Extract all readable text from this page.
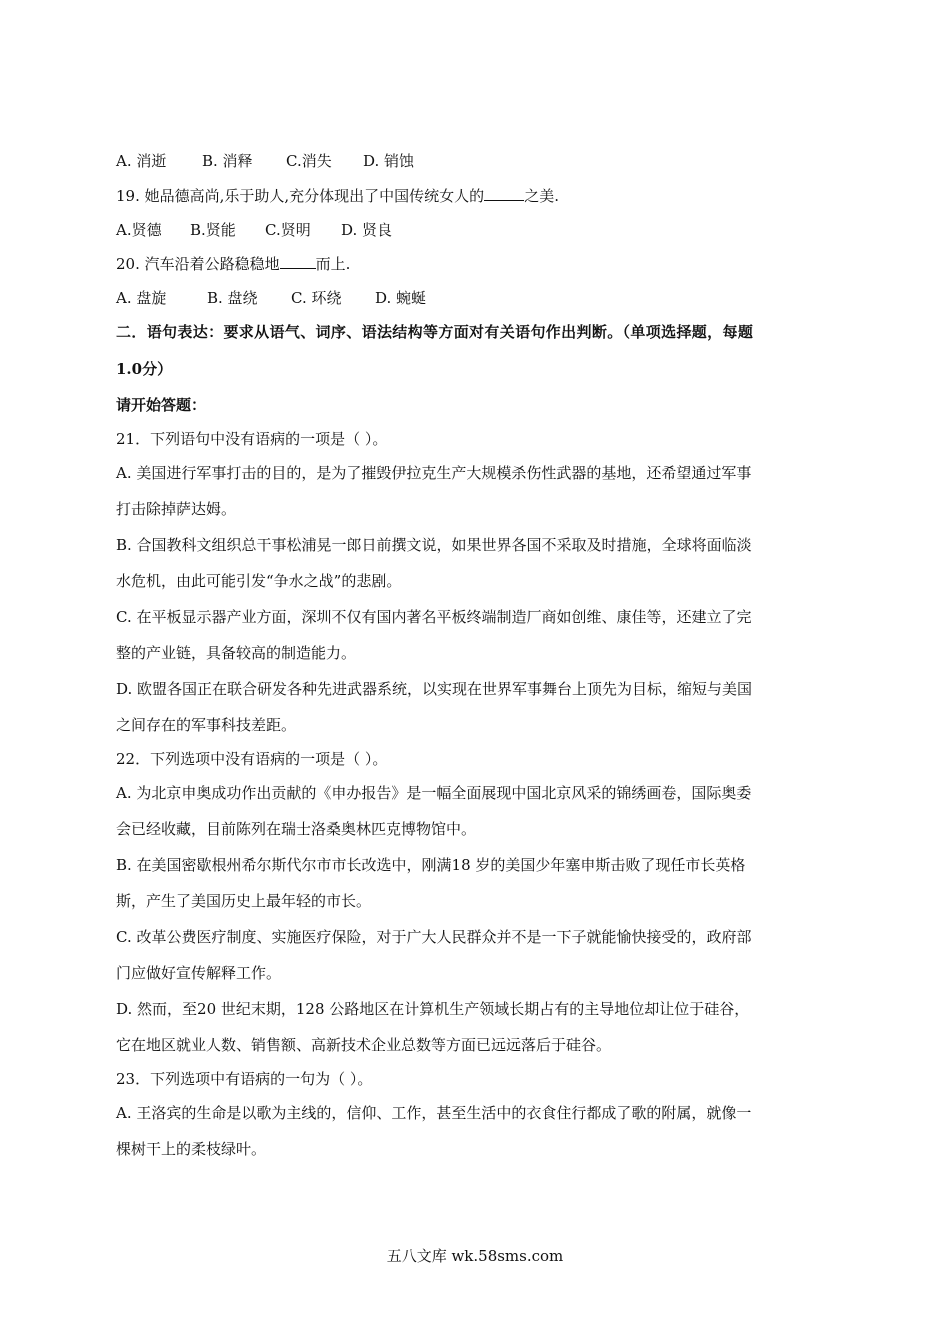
A. 消逝 B. 消释 C.消失 D. 销蚀
19. 她品德高尚,乐于助人,充分体现出了中国传统女人的	之美.
A.贤德 B.贤能 C.贤明 D. 贤良
20. 汽车沿着公路稳稳地 而上.
A. 盘旋	B. 盘绕 C. 环绕 D. 蜿蜒
二．语句表达：要求从语气、词序、语法结构等方面对有关语句作出判断。（单项选择题，每题
1.0分）
请开始答题：
21．下列语句中没有语病的一项是（ ）。
A. 美国进行军事打击的目的，是为了摧毁伊拉克生产大规模杀伤性武器的基地，还希望通过军事
打击除掉萨达姆。
B. 合国教科文组织总干事松浦晃一郎日前撰文说，如果世界各国不采取及时措施，全球将面临淡
水危机，由此可能引发“争水之战”的悲剧。
C. 在平板显示器产业方面，深圳不仅有国内著名平板终端制造厂商如创维、康佳等，还建立了完
整的产业链，具备较高的制造能力。
D. 欧盟各国正在联合研发各种先进武器系统，以实现在世界军事舞台上顶先为目标，缩短与美国
之间存在的军事科技差距。
22．下列选项中没有语病的一项是（ ）。
A. 为北京申奥成功作出贡献的《申办报告》是一幅全面展现中国北京风采的锦绣画卷，国际奥委
会已经收藏，目前陈列在瑞士洛桑奥林匹克博物馆中。
B. 在美国密歇根州希尔斯代尔市市长改选中，刚满18 岁的美国少年塞申斯击败了现任市长英格
斯，产生了美国历史上最年轻的市长。
C. 改革公费医疗制度、实施医疗保险，对于广大人民群众并不是一下子就能愉快接受的，政府部
门应做好宣传解释工作。
D. 然而，至20 世纪末期，128 公路地区在计算机生产领域长期占有的主导地位却让位于硅谷，
它在地区就业人数、销售额、高新技术企业总数等方面已远远落后于硅谷。
23．下列选项中有语病的一句为（ ）。
A. 王洛宾的生命是以歌为主线的，信仰、工作，甚至生活中的衣食住行都成了歌的附属，就像一
棵树干上的柔枝绿叶。
五八文库 wk.58sms.com
